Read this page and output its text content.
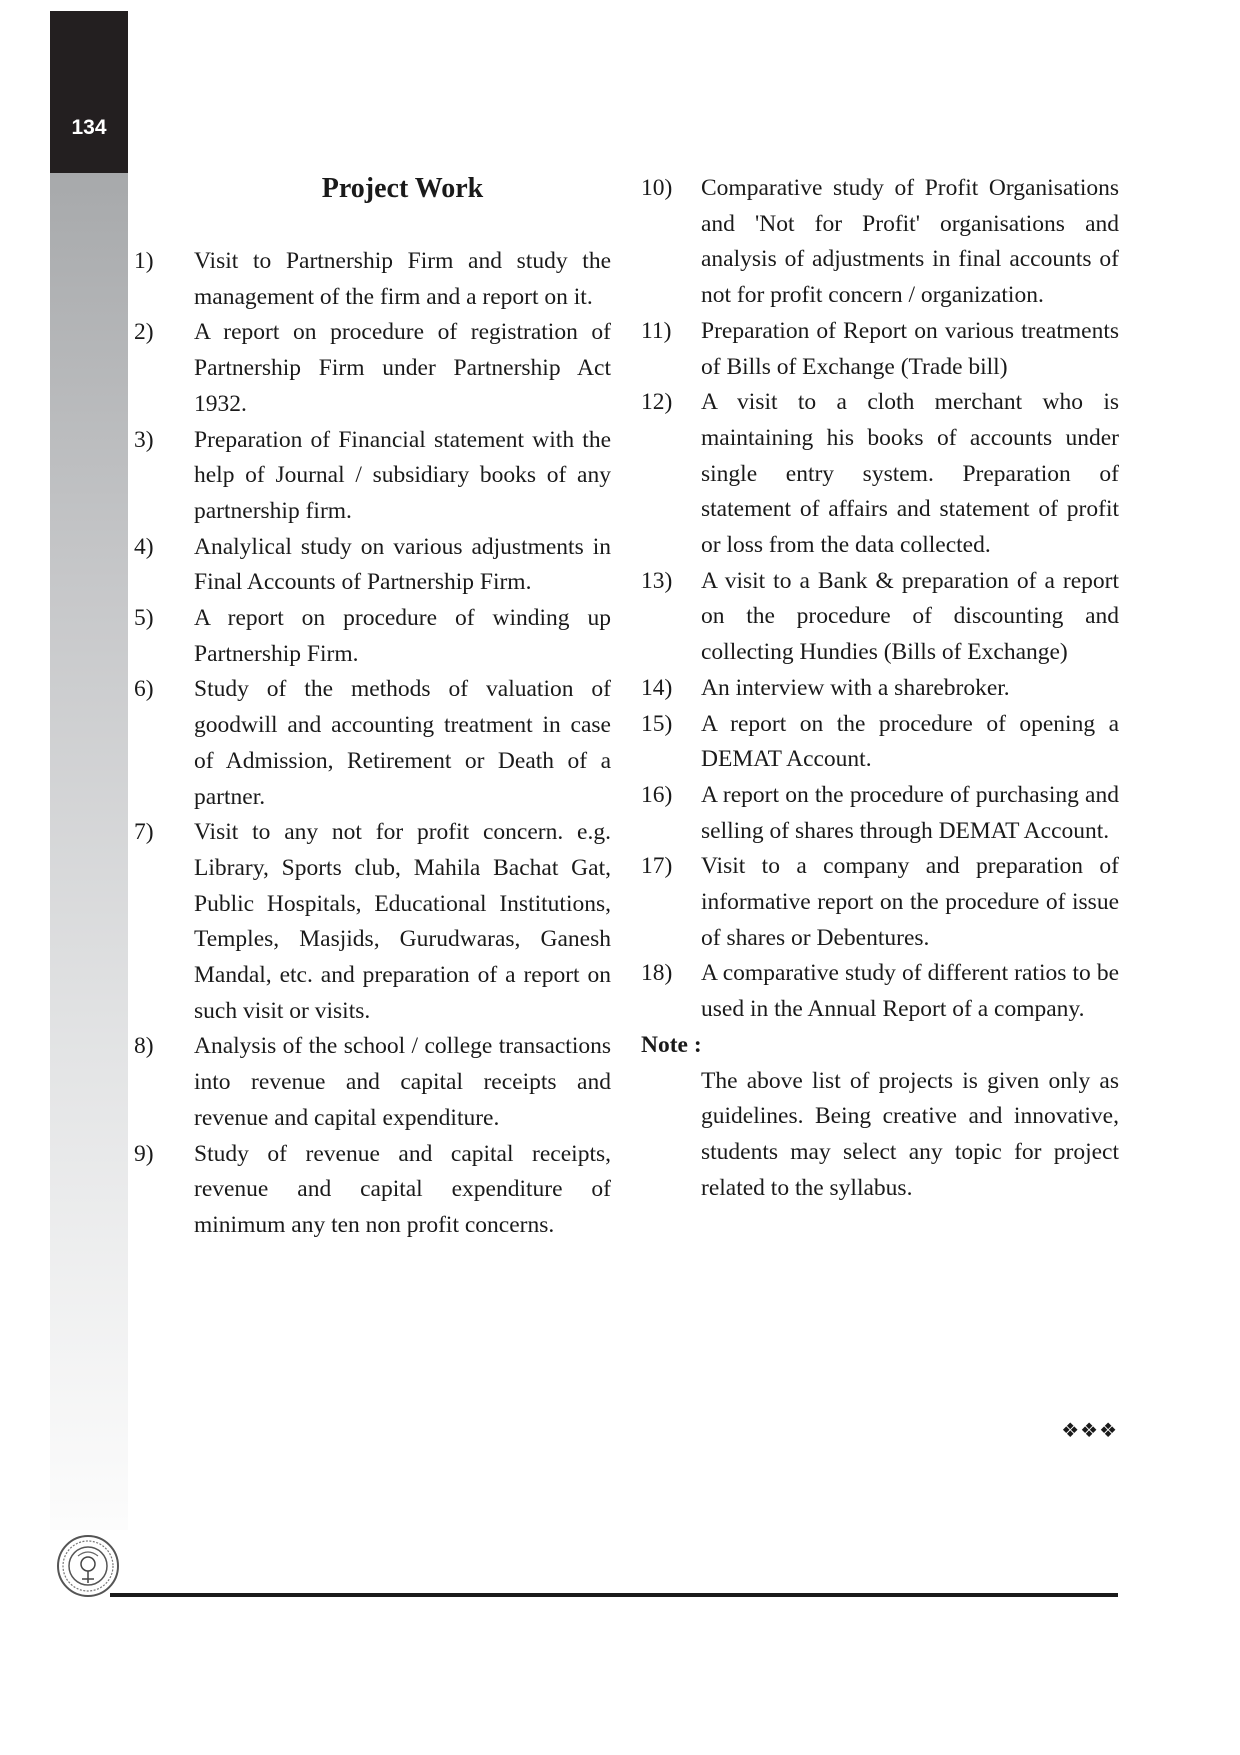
134
Project Work
1)	Visit to Partnership Firm and study the management of the firm and a report on it.
2)	A report on procedure of registration of Partnership Firm under Partnership Act 1932.
3)	Preparation of Financial statement with the help of Journal / subsidiary books of any partnership firm.
4)	Analylical study on various adjustments in Final Accounts of Partnership Firm.
5)	A report on procedure of winding up Partnership Firm.
6)	Study of the methods of valuation of goodwill and accounting treatment in case of Admission, Retirement or Death of a partner.
7)	Visit to any not for profit concern. e.g. Library, Sports club, Mahila Bachat Gat, Public Hospitals, Educational Institutions, Temples, Masjids, Gurudwaras, Ganesh Mandal, etc. and preparation of a report on such visit or visits.
8)	Analysis of the school / college transactions into revenue and capital receipts and revenue and capital expenditure.
9)	Study of revenue and capital receipts, revenue and capital expenditure of minimum any ten non profit concerns.
10)	Comparative study of Profit Organisations and 'Not for Profit' organisations and analysis of adjustments in final accounts of not for profit concern / organization.
11)	Preparation of Report on various treatments of Bills of Exchange (Trade bill)
12)	A visit to a cloth merchant who is maintaining his books of accounts under single entry system. Preparation of statement of affairs and statement of profit or loss from the data collected.
13)	A visit to a Bank & preparation of a report on the procedure of discounting and collecting Hundies (Bills of Exchange)
14)	An interview with a sharebroker.
15)	A report on the procedure of opening a DEMAT Account.
16)	A report on the procedure of purchasing and selling of shares through DEMAT Account.
17)	Visit to a company and preparation of informative report on the procedure of issue of shares or Debentures.
18)	A comparative study of different ratios to be used in the Annual Report of a company.
Note :
The above list of projects is given only as guidelines. Being creative and innovative, students may select any topic for project related to the syllabus.
❖❖❖
